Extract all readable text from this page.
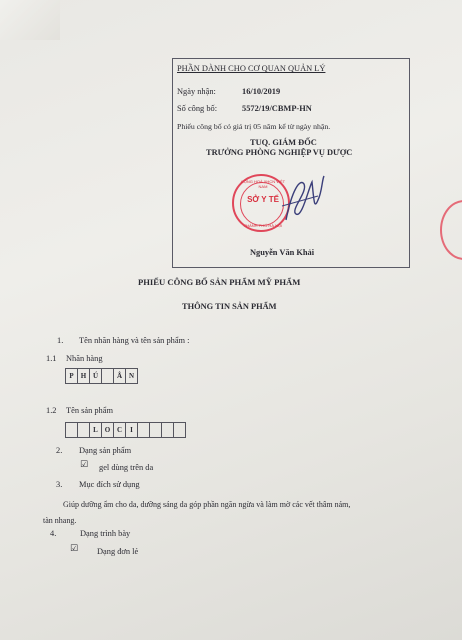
PHẦN DÀNH CHO CƠ QUAN QUẢN LÝ
Ngày nhận:	16/10/2019
Số công bố:	5572/19/CBMP-HN
Phiếu công bố có giá trị 05 năm kể từ ngày nhận.
TUQ. GIÁM ĐỐC
TRƯỞNG PHÒNG NGHIỆP VỤ DƯỢC
CỘNG HOÀ XHCN VIỆT NAM
SỞ Y TẾ
THÀNH PHỐ HÀ NỘI
Nguyễn Văn Khải
PHIẾU CÔNG BỐ SẢN PHẨM MỸ PHẨM
THÔNG TIN SẢN PHẨM
1. Tên nhãn hàng và tên sản phẩm :
1.1 Nhãn hàng
P	H Ú	Â N
1.2 Tên sản phẩm
L O C	I
2. Dạng sản phẩm
☑ gel dùng trên da
3. Mục đích sử dụng
Giúp dưỡng ẩm cho da, dưỡng sáng da góp phần ngăn ngừa và làm mờ các vết thâm nám,
tàn nhang.
4.	Dạng trình bày
☑ Dạng đơn lẻ
